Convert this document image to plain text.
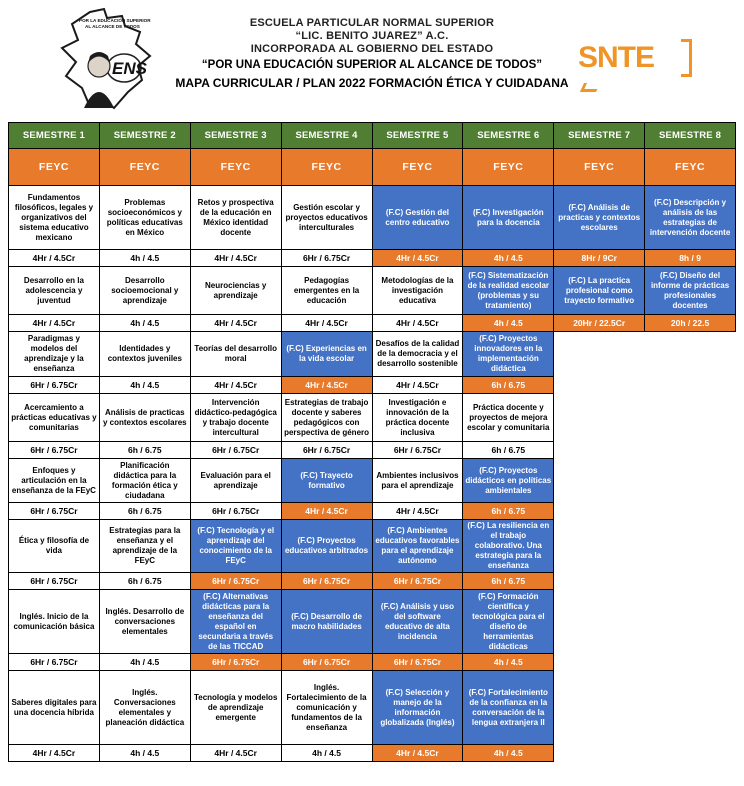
POR LA EDUCACIÓN SUPERIOR
AL ALCANCE DE TODOS
ENS
ESCUELA PARTICULAR NORMAL SUPERIOR
“LIC. BENITO JUAREZ” A.C.
INCORPORADA AL GOBIERNO DEL ESTADO
“POR UNA EDUCACIÓN SUPERIOR AL ALCANCE DE TODOS”
MAPA CURRICULAR / PLAN 2022 FORMACIÓN ÉTICA Y CUIDADANA
SNTE
SEMESTRE 1	SEMESTRE 2	SEMESTRE 3	SEMESTRE 4	SEMESTRE 5	SEMESTRE 6	SEMESTRE 7	SEMESTRE 8
FEYC	FEYC	FEYC	FEYC	FEYC	FEYC	FEYC	FEYC
Fundamentos filosóficos, legales y organizativos del sistema educativo mexicano	Problemas socioeconómicos y políticas educativas en México	Retos y prospectiva de la educación en México identidad docente	Gestión escolar y proyectos educativos interculturales	(F.C) Gestión del centro educativo	(F.C) Investigación para la docencia	(F.C) Análisis de practicas y contextos escolares	(F.C) Descripción y análisis de las estrategias de intervención docente
4Hr / 4.5Cr	4h / 4.5	4Hr / 4.5Cr	6Hr / 6.75Cr	4Hr / 4.5Cr	4h / 4.5	8Hr / 9Cr	8h / 9
Desarrollo en la adolescencia y juventud	Desarrollo socioemocional y aprendizaje	Neurociencias y aprendizaje	Pedagogías emergentes en la educación	Metodologías de la investigación educativa	(F.C) Sistematización de la realidad escolar (problemas y su tratamiento)	(F.C) La practica profesional como trayecto formativo	(F.C) Diseño del informe de prácticas profesionales docentes
4Hr / 4.5Cr	4h / 4.5	4Hr / 4.5Cr	4Hr / 4.5Cr	4Hr / 4.5Cr	4h / 4.5	20Hr / 22.5Cr	20h / 22.5
Paradigmas y modelos del aprendizaje y la enseñanza	Identidades y contextos juveniles	Teorías del desarrollo moral	(F.C) Experiencias en la vida escolar	Desafíos de la calidad de la democracia y el desarrollo sostenible	(F.C) Proyectos innovadores en la implementación didáctica		
6Hr / 6.75Cr	4h / 4.5	4Hr / 4.5Cr	4Hr / 4.5Cr	4Hr / 4.5Cr	6h / 6.75		
Acercamiento a prácticas educativas y comunitarias	Análisis de practicas y contextos escolares	Intervención didáctico-pedagógica y trabajo docente intercultural	Estrategias de trabajo docente y saberes pedagógicos con perspectiva de género	Investigación e innovación de la práctica docente inclusiva	Práctica docente y proyectos de mejora escolar y comunitaria		
6Hr / 6.75Cr	6h / 6.75	6Hr / 6.75Cr	6Hr / 6.75Cr	6Hr / 6.75Cr	6h / 6.75		
Enfoques y articulación en la enseñanza de la FEyC	Planificación didáctica para la formación ética y ciudadana	Evaluación para el aprendizaje	(F.C) Trayecto formativo	Ambientes inclusivos para el aprendizaje	(F.C) Proyectos didácticos en políticas ambientales		
6Hr / 6.75Cr	6h / 6.75	6Hr / 6.75Cr	4Hr / 4.5Cr	4Hr / 4.5Cr	6h / 6.75		
Ética y filosofía de vida	Estrategias para la enseñanza y el aprendizaje de la FEyC	(F.C) Tecnología y el aprendizaje del conocimiento de la FEyC	(F.C) Proyectos educativos arbitrados	(F.C) Ambientes educativos favorables para el aprendizaje autónomo	(F.C) La resiliencia en el trabajo colaborativo. Una estrategia para la enseñanza		
6Hr / 6.75Cr	6h / 6.75	6Hr / 6.75Cr	6Hr / 6.75Cr	6Hr / 6.75Cr	6h / 6.75		
Inglés. Inicio de la comunicación básica	Inglés. Desarrollo de conversaciones elementales	(F.C) Alternativas didácticas para la enseñanza del español en secundaria a través de las TICCAD	(F.C) Desarrollo de macro habilidades	(F.C) Análisis y uso del software educativo de alta incidencia	(F.C) Formación científica y tecnológica para el diseño de herramientas didácticas		
6Hr / 6.75Cr	4h / 4.5	6Hr / 6.75Cr	6Hr / 6.75Cr	6Hr / 6.75Cr	4h / 4.5		
Saberes digitales para una docencia híbrida	Inglés. Conversaciones elementales y planeación didáctica	Tecnología y modelos de aprendizaje emergente	Inglés. Fortalecimiento de la comunicación y fundamentos de la enseñanza	(F.C) Selección y manejo de la información globalizada (Inglés)	(F.C) Fortalecimiento de la confianza en la conversación de la lengua extranjera II		
4Hr / 4.5Cr	4h / 4.5	4Hr / 4.5Cr	4h / 4.5	4Hr / 4.5Cr	4h / 4.5		
